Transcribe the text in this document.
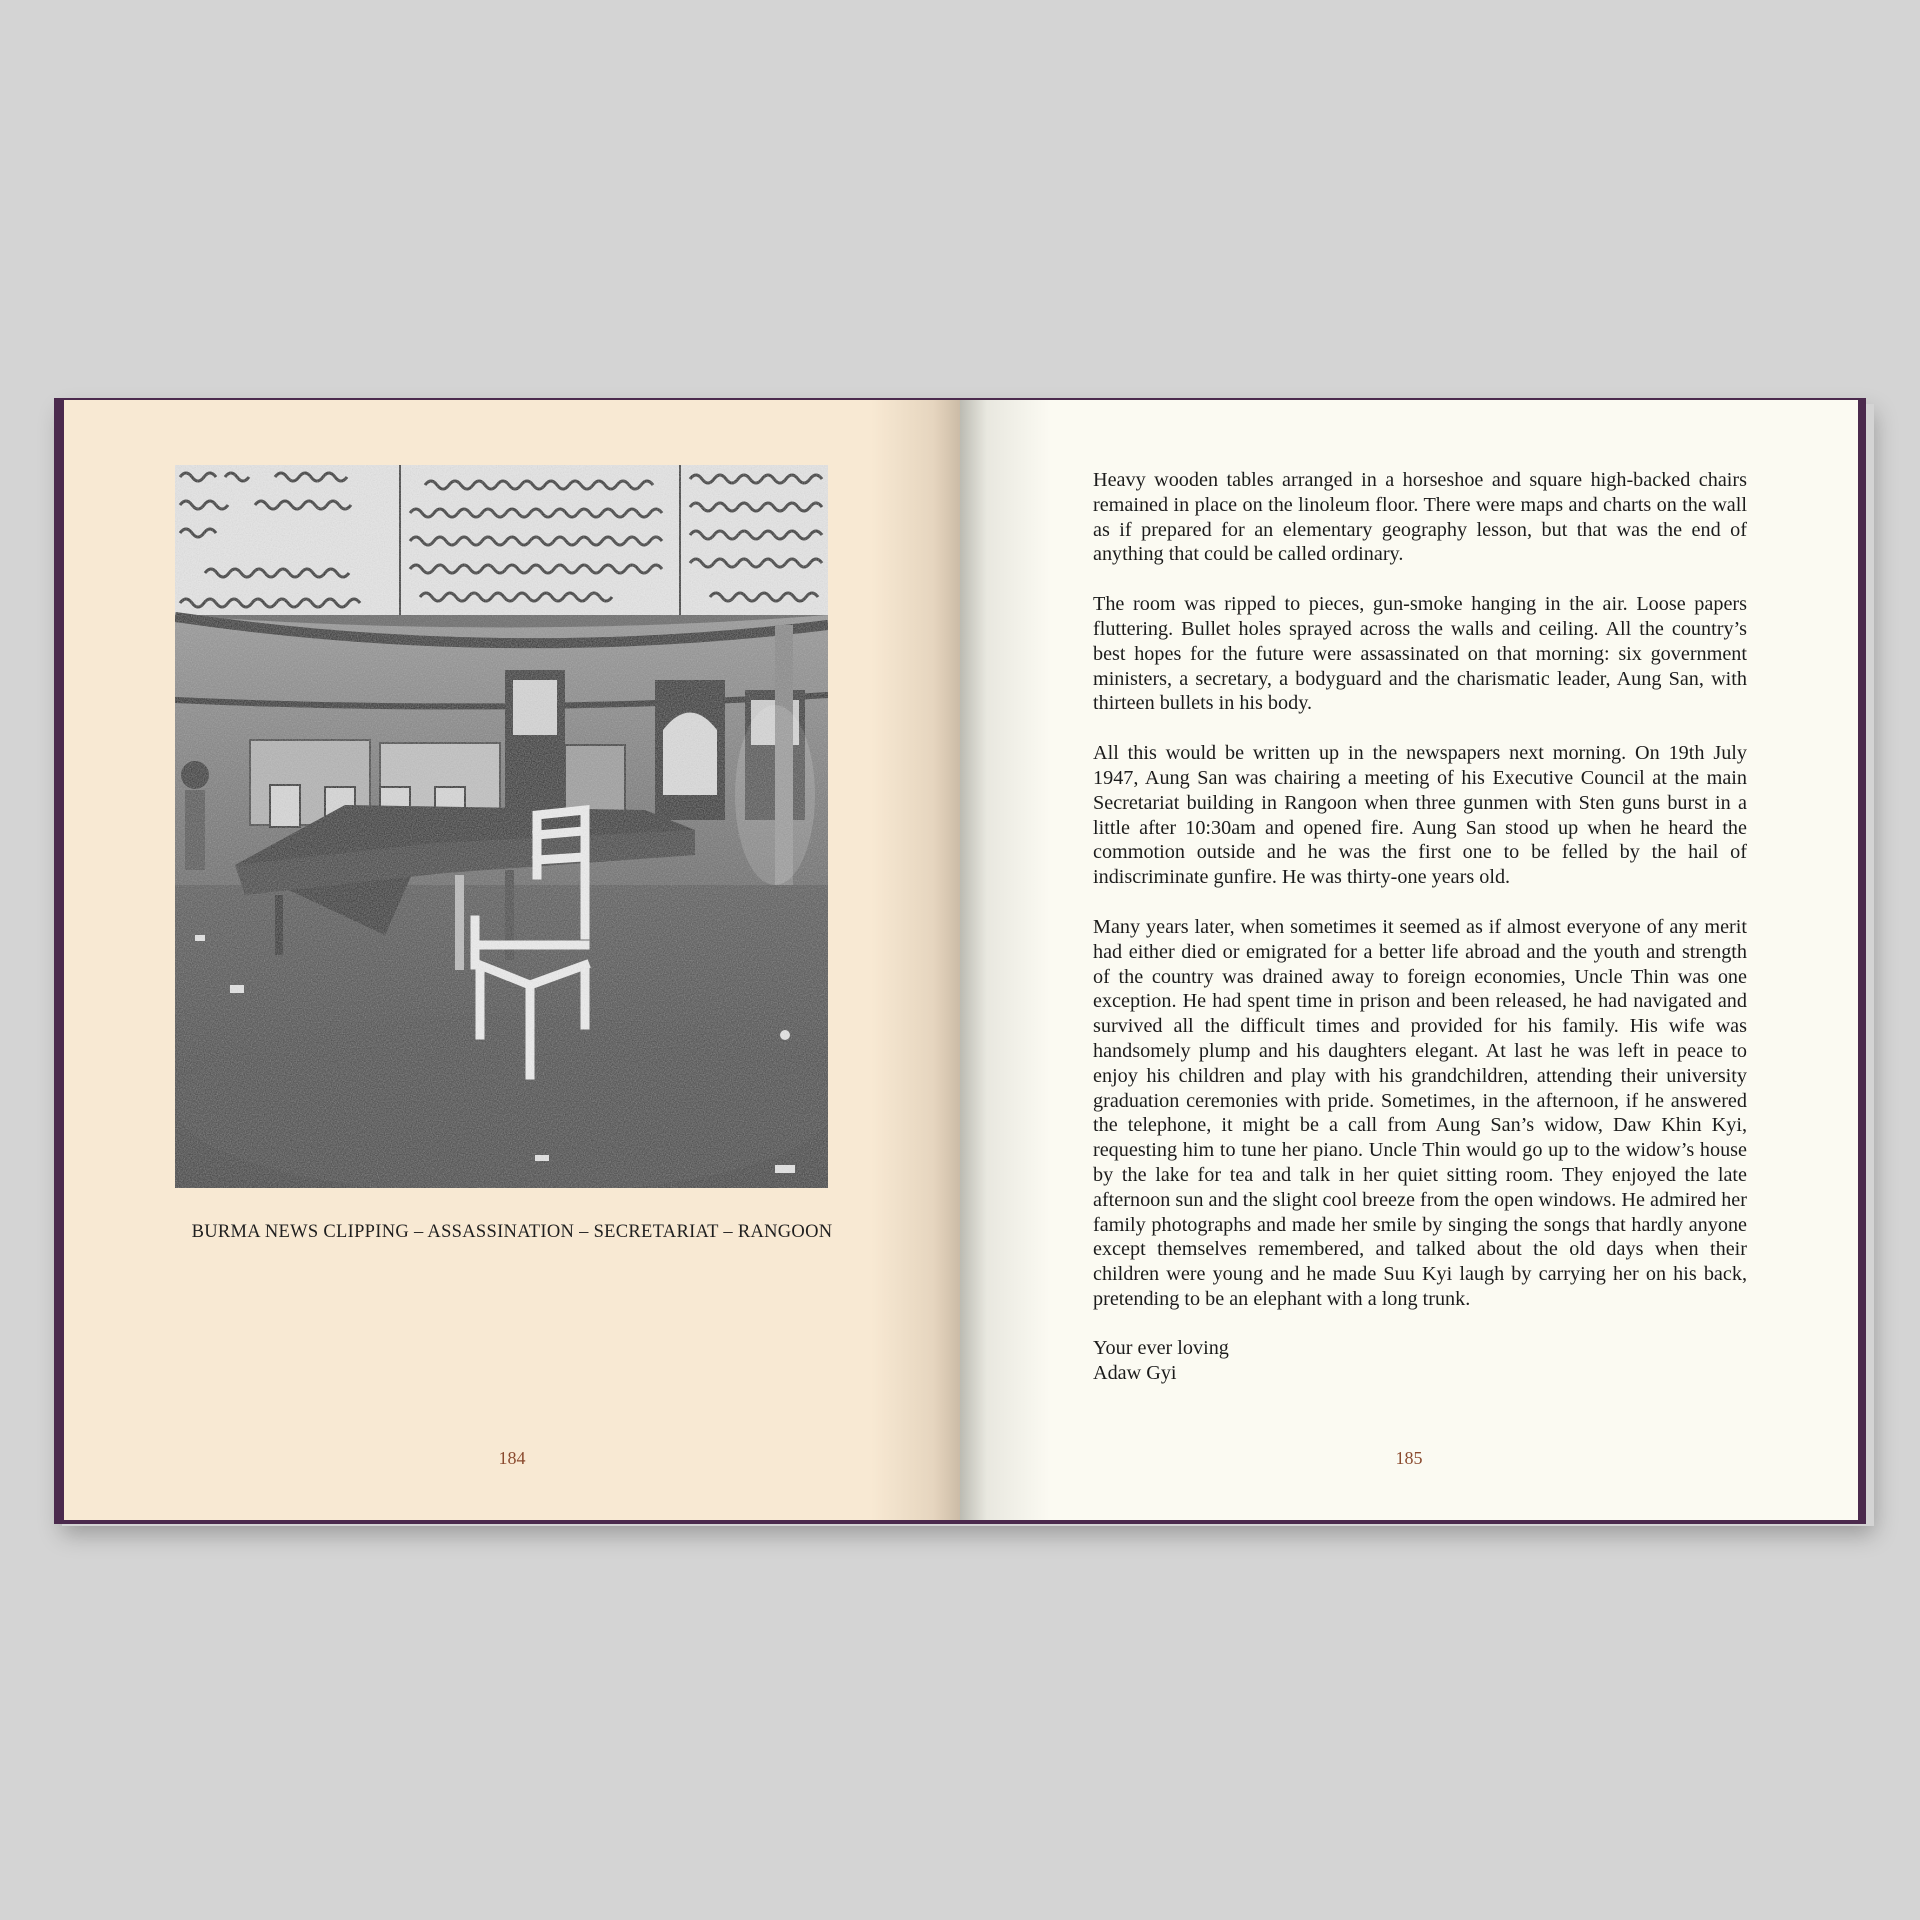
BURMA NEWS CLIPPING – ASSASSINATION – SECRETARIAT – RANGOON
184

Heavy wooden tables arranged in a horseshoe and square high-backed chairs remained in place on the linoleum floor. There were maps and charts on the wall as if prepared for an elementary geography lesson, but that was the end of anything that could be called ordinary.

The room was ripped to pieces, gun-smoke hanging in the air. Loose papers fluttering. Bullet holes sprayed across the walls and ceiling. All the country’s best hopes for the future were assassinated on that morning: six government ministers, a secretary, a bodyguard and the charismatic leader, Aung San, with thirteen bullets in his body.

All this would be written up in the newspapers next morning. On 19th July 1947, Aung San was chairing a meeting of his Executive Council at the main Secretariat building in Rangoon when three gunmen with Sten guns burst in a little after 10:30am and opened fire. Aung San stood up when he heard the commotion outside and he was the first one to be felled by the hail of indiscriminate gunfire. He was thirty-one years old.

Many years later, when sometimes it seemed as if almost everyone of any merit had either died or emigrated for a better life abroad and the youth and strength of the country was drained away to foreign economies, Uncle Thin was one exception. He had spent time in prison and been released, he had navigated and survived all the difficult times and provided for his family. His wife was handsomely plump and his daughters elegant. At last he was left in peace to enjoy his children and play with his grandchildren, attending their university graduation ceremonies with pride. Sometimes, in the afternoon, if he answered the telephone, it might be a call from Aung San’s widow, Daw Khin Kyi, requesting him to tune her piano. Uncle Thin would go up to the widow’s house by the lake for tea and talk in her quiet sitting room. They enjoyed the late afternoon sun and the slight cool breeze from the open windows. He admired her family photographs and made her smile by singing the songs that hardly anyone except themselves remembered, and talked about the old days when their children were young and he made Suu Kyi laugh by carrying her on his back, pretending to be an elephant with a long trunk.

Your ever loving
Adaw Gyi
185
